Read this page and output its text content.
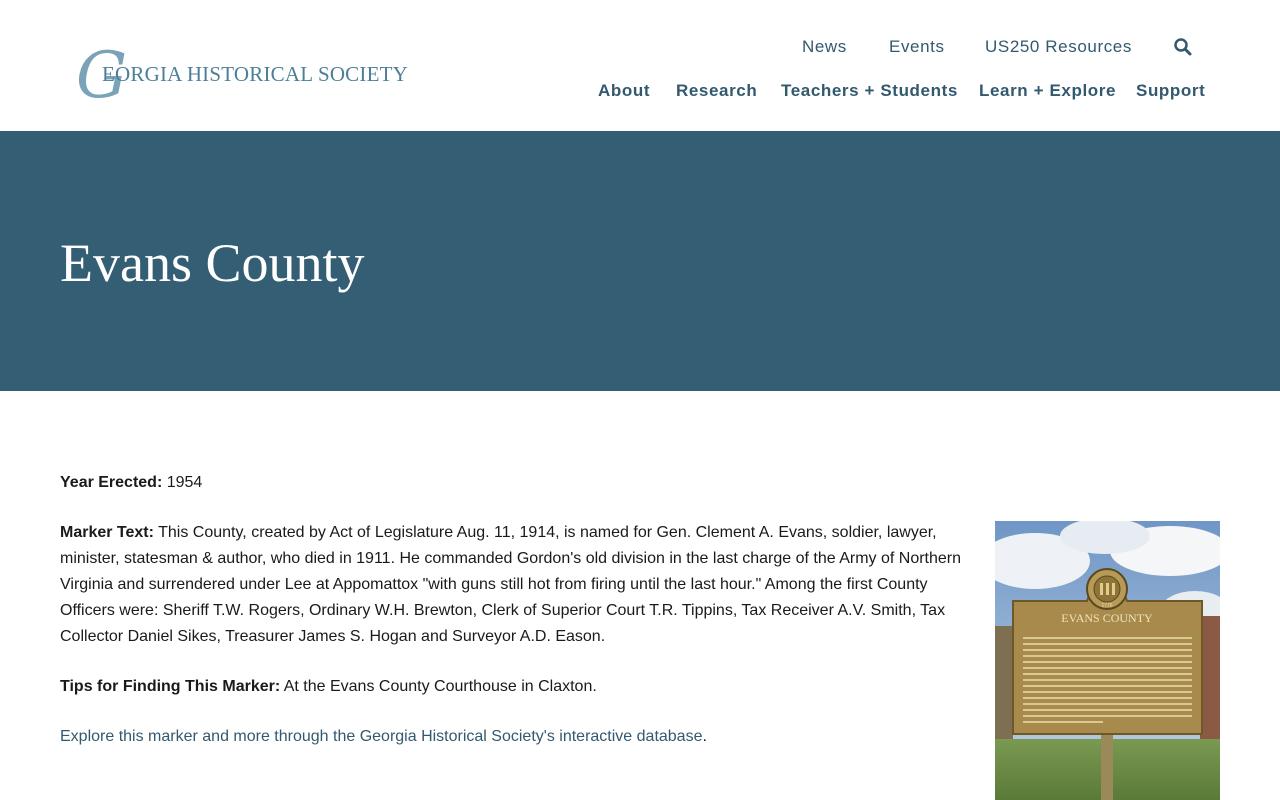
G
EORGIA HISTORICAL SOCIETY
News Events US250 Resources
About Research Teachers + Students Learn + Explore Support
Evans County

Year Erected: 1954

Marker Text: This County, created by Act of Legislature Aug. 11, 1914, is named for Gen. Clement A. Evans, soldier, lawyer, minister, statesman & author, who died in 1911. He commanded Gordon's old division in the last charge of the Army of Northern Virginia and surrendered under Lee at Appomattox "with guns still hot from firing until the last hour." Among the first County Officers were: Sheriff T.W. Rogers, Ordinary W.H. Brewton, Clerk of Superior Court T.R. Tippins, Tax Receiver A.V. Smith, Tax Collector Daniel Sikes, Treasurer James S. Hogan and Surveyor A.D. Eason.

Tips for Finding This Marker: At the Evans County Courthouse in Claxton.

Explore this marker and more through the Georgia Historical Society's interactive database.

1776
EVANS COUNTY
